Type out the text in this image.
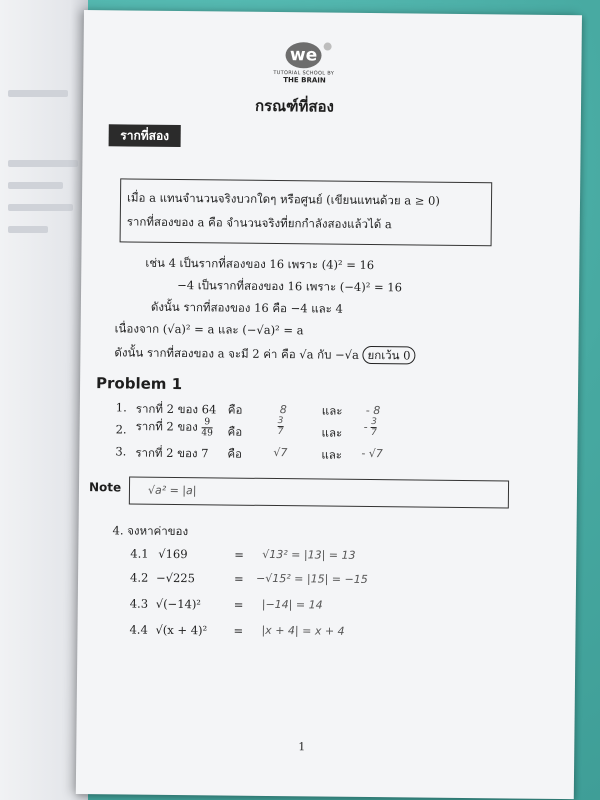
we
TUTORIAL SCHOOL BY
THE BRAIN
กรณฑ์ที่สอง
รากที่สอง
เมื่อ a แทนจำนวนจริงบวกใดๆ หรือศูนย์ (เขียนแทนด้วย a ≥ 0)
รากที่สองของ a คือ จำนวนจริงที่ยกกำลังสองแล้วได้ a
เช่น 4 เป็นรากที่สองของ 16 เพราะ (4)² = 16
−4 เป็นรากที่สองของ 16 เพราะ (−4)² = 16
ดังนั้น รากที่สองของ 16 คือ −4 และ 4
เนื่องจาก (√a)² = a และ (−√a)² = a
ดังนั้น รากที่สองของ a จะมี 2 ค่า คือ √a กับ −√a ยกเว้น 0
Problem 1
1. รากที่ 2 ของ 64 คือ	8	และ - 8
2. รากที่ 2 ของ $\frac{9}{49}$ คือ	$\frac{3}{7}$	และ - $\frac{3}{7}$
3. รากที่ 2 ของ 7 คือ	√7	และ - √7
Note √a² = |a|
4. จงหาค่าของ
4.1 √169	= √13² = |13| = 13
4.2 −√225	= −√15² = |15| = −15
4.3 √(−14)²	= |−14| = 14
4.4 √(x + 4)² = |x + 4| = x + 4
1
